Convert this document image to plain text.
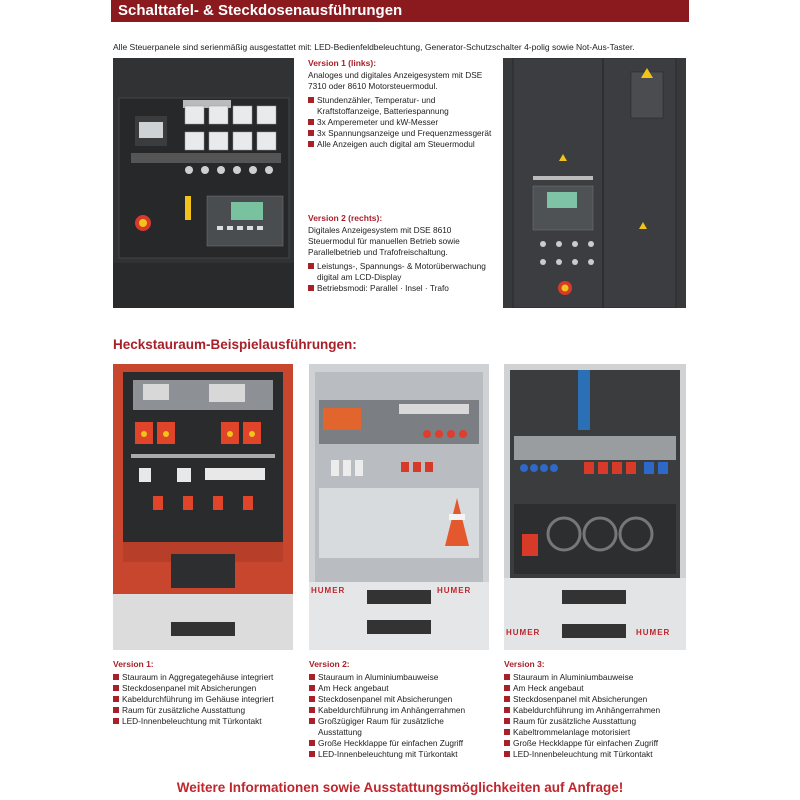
Schalttafel- & Steckdosenausführungen
Alle Steuerpanele sind serienmäßig ausgestattet mit: LED-Bedienfeldbeleuchtung, Generator-Schutzschalter 4-polig sowie Not-Aus-Taster.
Version 1 (links):
Analoges und digitales Anzeigesystem mit DSE 7310 oder 8610 Motorsteuermodul.
Stundenzähler, Temperatur- und Kraftstoffanzeige, Batteriespannung
3x Amperemeter und kW-Messer
3x Spannungsanzeige und Frequenzmessgerät
Alle Anzeigen auch digital am Steuermodul
Version 2 (rechts):
Digitales Anzeigesystem mit DSE 8610 Steuermodul für manuellen Betrieb sowie Parallelbetrieb und Trafofreischaltung.
Leistungs-, Spannungs- & Motorüberwachung digital am LCD-Display
Betriebsmodi: Parallel · Insel · Trafo
Heckstauraum-Beispielausführungen:
HUMER	HUMER
HUMER	HUMER
Version 1:
Stauraum in Aggregategehäuse integriert
Steckdosenpanel mit Absicherungen
Kabeldurchführung im Gehäuse integriert
Raum für zusätzliche Ausstattung
LED-Innenbeleuchtung mit Türkontakt
Version 2:
Stauraum in Aluminiumbauweise
Am Heck angebaut
Steckdosenpanel mit Absicherungen
Kabeldurchführung im Anhängerrahmen
Großzügiger Raum für zusätzliche Ausstattung
Große Heckklappe für einfachen Zugriff
LED-Innenbeleuchtung mit Türkontakt
Version 3:
Stauraum in Aluminiumbauweise
Am Heck angebaut
Steckdosenpanel mit Absicherungen
Kabeldurchführung im Anhängerrahmen
Raum für zusätzliche Ausstattung
Kabeltrommelanlage motorisiert
Große Heckklappe für einfachen Zugriff
LED-Innenbeleuchtung mit Türkontakt
Weitere Informationen sowie Ausstattungsmöglichkeiten auf Anfrage!
